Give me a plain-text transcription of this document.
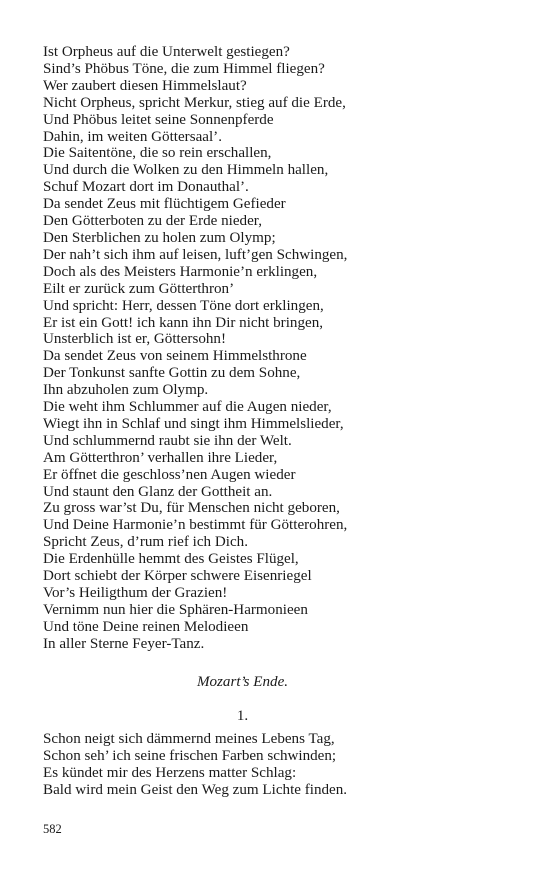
Ist Orpheus auf die Unterwelt gestiegen?
Sind’s Phöbus Töne, die zum Himmel fliegen?
Wer zaubert diesen Himmelslaut?
Nicht Orpheus, spricht Merkur, stieg auf die Erde,
Und Phöbus leitet seine Sonnenpferde
Dahin, im weiten Göttersaal’.
Die Saitentöne, die so rein erschallen,
Und durch die Wolken zu den Himmeln hallen,
Schuf Mozart dort im Donauthal’.
Da sendet Zeus mit flüchtigem Gefieder
Den Götterboten zu der Erde nieder,
Den Sterblichen zu holen zum Olymp;
Der nah’t sich ihm auf leisen, luft’gen Schwingen,
Doch als des Meisters Harmonie’n erklingen,
Eilt er zurück zum Götterthron’
Und spricht: Herr, dessen Töne dort erklingen,
Er ist ein Gott! ich kann ihn Dir nicht bringen,
Unsterblich ist er, Göttersohn!
Da sendet Zeus von seinem Himmelsthrone
Der Tonkunst sanfte Gottin zu dem Sohne,
Ihn abzuholen zum Olymp.
Die weht ihm Schlummer auf die Augen nieder,
Wiegt ihn in Schlaf und singt ihm Himmelslieder,
Und schlummernd raubt sie ihn der Welt.
Am Götterthron’ verhallen ihre Lieder,
Er öffnet die geschloss’nen Augen wieder
Und staunt den Glanz der Gottheit an.
Zu gross war’st Du, für Menschen nicht geboren,
Und Deine Harmonie’n bestimmt für Götterohren,
Spricht Zeus, d’rum rief ich Dich.
Die Erdenhülle hemmt des Geistes Flügel,
Dort schiebt der Körper schwere Eisenriegel
Vor’s Heiligthum der Grazien!
Vernimm nun hier die Sphären-Harmonieen
Und töne Deine reinen Melodieen
In aller Sterne Feyer-Tanz.
Mozart’s Ende.
1.
Schon neigt sich dämmernd meines Lebens Tag,
Schon seh’ ich seine frischen Farben schwinden;
Es kündet mir des Herzens matter Schlag:
Bald wird mein Geist den Weg zum Lichte finden.
582
